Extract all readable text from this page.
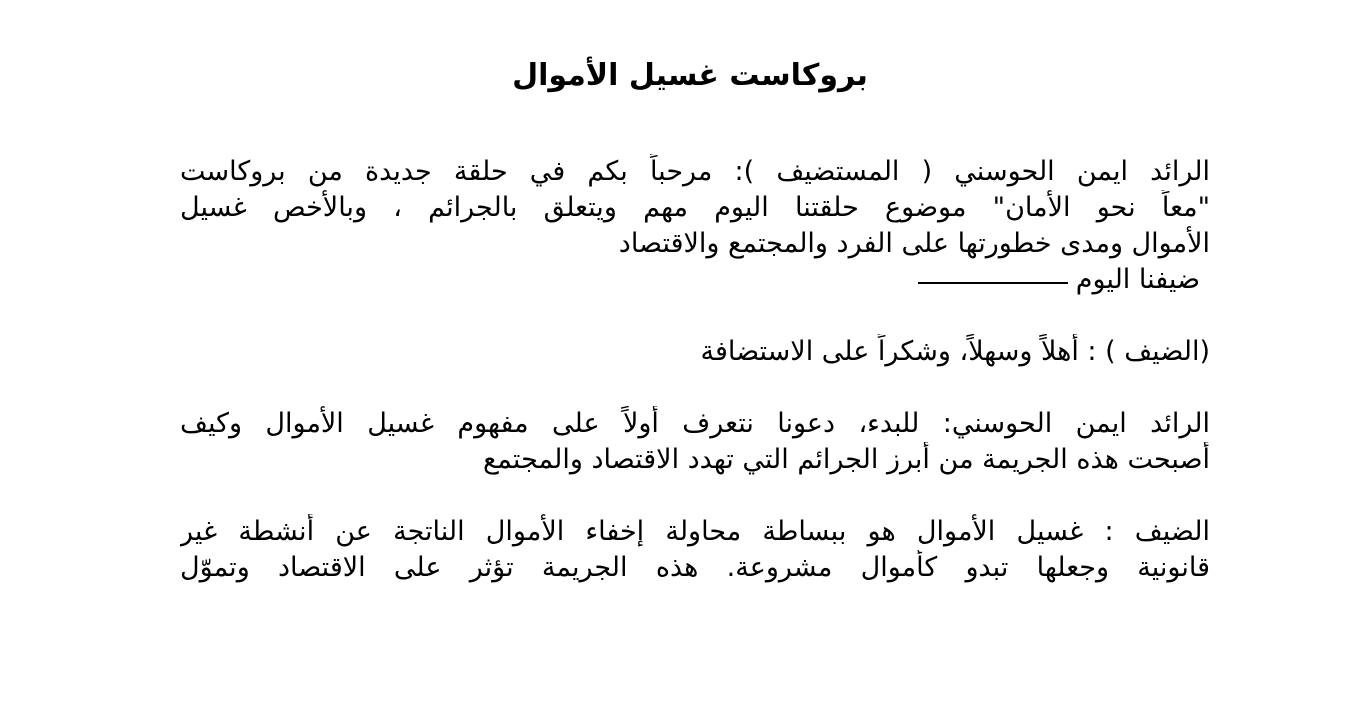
بروكاست غسيل الأموال
الرائد ايمن الحوسني ( المستضيف ): مرحباً بكم في حلقة جديدة من بروكاست
"معاً نحو الأمان" موضوع حلقتنا اليوم مهم ويتعلق بالجرائم ، وبالأخص غسيل
الأموال ومدى خطورتها على الفرد والمجتمع والاقتصاد
ضيفنا اليوم
(الضيف ) : أهلاً وسهلاً، وشكراً على الاستضافة
الرائد ايمن الحوسني: للبدء، دعونا نتعرف أولاً على مفهوم غسيل الأموال وكيف
أصبحت هذه الجريمة من أبرز الجرائم التي تهدد الاقتصاد والمجتمع
الضيف : غسيل الأموال هو ببساطة محاولة إخفاء الأموال الناتجة عن أنشطة غير
قانونية وجعلها تبدو كأموال مشروعة. هذه الجريمة تؤثر على الاقتصاد وتموّل
